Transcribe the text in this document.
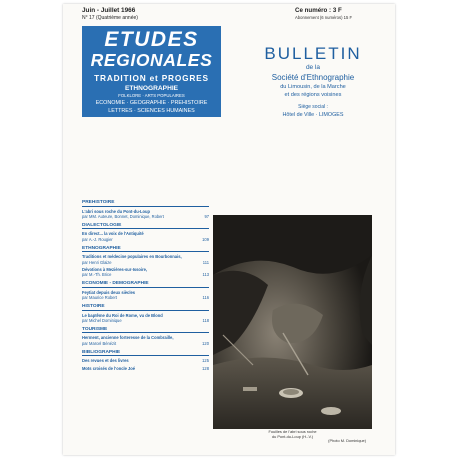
Juin - Juillet 1966
N° 17 (Quatrième année)
Ce numéro : 3 F
Abonnement (6 numéros) 15 F
ETUDES
REGIONALES
TRADITION et PROGRES
ETHNOGRAPHIE
FOLKLORE · ARTS POPULAIRES
ECONOMIE · GEOGRAPHIE · PREHISTOIRE
LETTRES · SCIENCES HUMAINES
BULLETIN
de la
Société d'Ethnographie
du Limousin, de la Marche
et des régions voisines
Siège social :
Hôtel de Ville · LIMOGES
PREHISTOIRE
L'abri sous roche du Pont-du-Loup
par MM. Auteure, Bonnet, Dominique, Robert	97
DIALECTOLOGIE
En direct... la voix de l'Antiquité
par A.-J. Rougier	109
ETHNOGRAPHIE
Traditions et médecine populaires en Bourbonnais,
par Henri Glaize	111
Dévotions à Mezières-sur-Issoire,
par M.-Th. Brice	113
ECONOMIE - DEMOGRAPHIE
Feytiat depuis deux siècles
par Maurice Robert	116
HISTOIRE
Le baptême du Roi de Rome, vu de Blond
par Michel Dominique	118
TOURISME
Herment, ancienne forteresse de la Combraille,
par Marcel Bénézit	120
BIBLIOGRAPHIE
Des revues et des livres	125
Mots croisés de l'oncle Joé	128
Fouilles de l'abri sous roche
du Pont-du-Loup (H.-V.)
(Photo M. Dominique)
